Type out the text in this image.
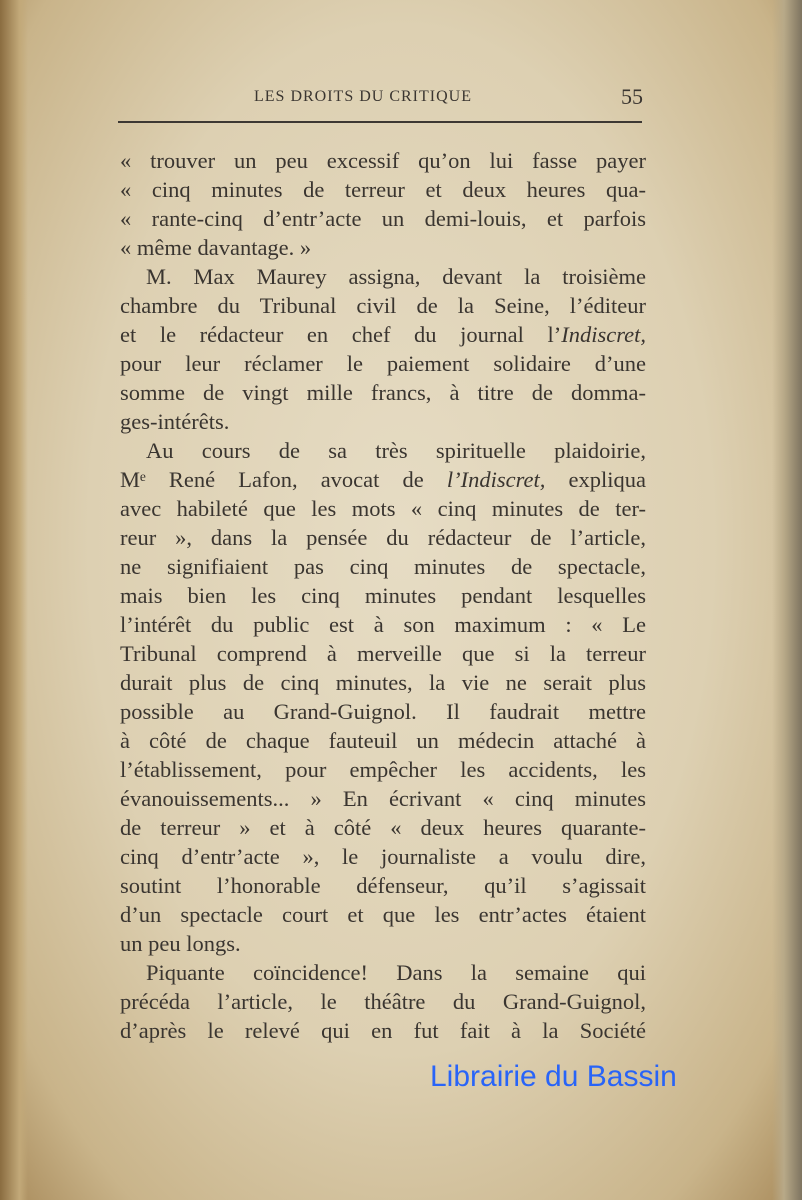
LES DROITS DU CRITIQUE	55
« trouver un peu excessif qu’on lui fasse payer
« cinq minutes de terreur et deux heures qua-
« rante-cinq d’entr’acte un demi-louis, et parfois
« même davantage. »
M. Max Maurey assigna, devant la troisième
chambre du Tribunal civil de la Seine, l’éditeur
et le rédacteur en chef du journal l’Indiscret,
pour leur réclamer le paiement solidaire d’une
somme de vingt mille francs, à titre de domma-
ges-intérêts.
Au cours de sa très spirituelle plaidoirie,
Mᵉ René Lafon, avocat de l’Indiscret, expliqua
avec habileté que les mots « cinq minutes de ter-
reur », dans la pensée du rédacteur de l’article,
ne signifiaient pas cinq minutes de spectacle,
mais bien les cinq minutes pendant lesquelles
l’intérêt du public est à son maximum : « Le
Tribunal comprend à merveille que si la terreur
durait plus de cinq minutes, la vie ne serait plus
possible au Grand-Guignol. Il faudrait mettre
à côté de chaque fauteuil un médecin attaché à
l’établissement, pour empêcher les accidents, les
évanouissements... » En écrivant « cinq minutes
de terreur » et à côté « deux heures quarante-
cinq d’entr’acte », le journaliste a voulu dire,
soutint l’honorable défenseur, qu’il s’agissait
d’un spectacle court et que les entr’actes étaient
un peu longs.
Piquante coïncidence! Dans la semaine qui
précéda l’article, le théâtre du Grand-Guignol,
d’après le relevé qui en fut fait à la Société
Librairie du Bassin
